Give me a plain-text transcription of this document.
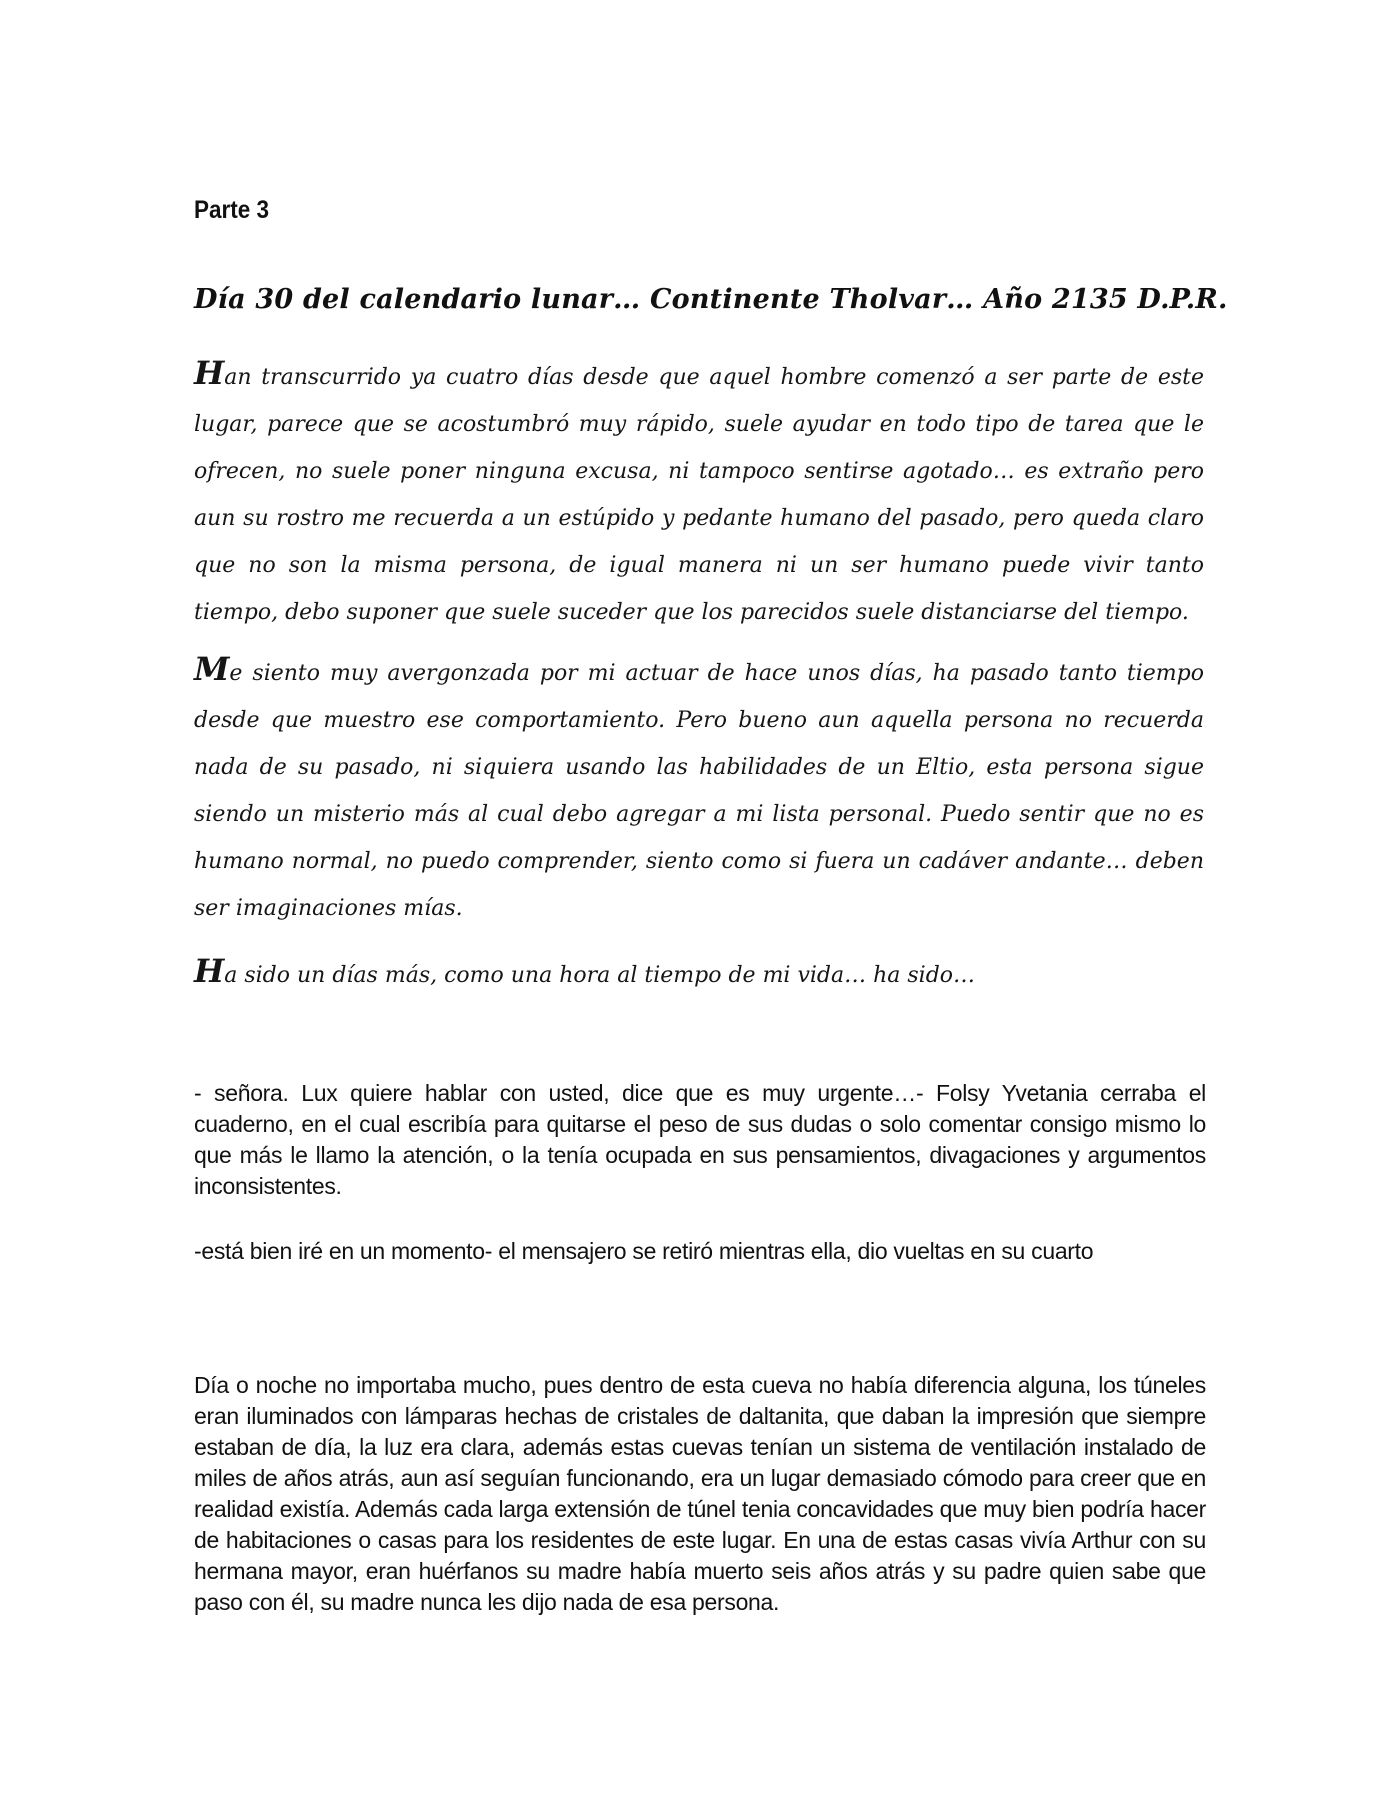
Parte 3
Día 30 del calendario lunar… Continente Tholvar… Año 2135 D.P.R.

Han transcurrido ya cuatro días desde que aquel hombre comenzó a ser parte de este lugar, parece que se acostumbró muy rápido, suele ayudar en todo tipo de tarea que le ofrecen, no suele poner ninguna excusa, ni tampoco sentirse agotado… es extraño pero aun su rostro me recuerda a un estúpido y pedante humano del pasado, pero queda claro que no son la misma persona, de igual manera ni un ser humano puede vivir tanto tiempo, debo suponer que suele suceder que los parecidos suele distanciarse del tiempo.

Me siento muy avergonzada por mi actuar de hace unos días, ha pasado tanto tiempo desde que muestro ese comportamiento. Pero bueno aun aquella persona no recuerda nada de su pasado, ni siquiera usando las habilidades de un Eltio, esta persona sigue siendo un misterio más al cual debo agregar a mi lista personal. Puedo sentir que no es humano normal, no puedo comprender, siento como si fuera un cadáver andante… deben ser imaginaciones mías.

Ha sido un días más, como una hora al tiempo de mi vida… ha sido…

- señora. Lux quiere hablar con usted, dice que es muy urgente…- Folsy Yvetania cerraba el cuaderno, en el cual escribía para quitarse el peso de sus dudas o solo comentar consigo mismo lo que más le llamo la atención, o la tenía ocupada en sus pensamientos, divagaciones y argumentos inconsistentes.

-está bien iré en un momento- el mensajero se retiró mientras ella, dio vueltas en su cuarto

Día o noche no importaba mucho, pues dentro de esta cueva no había diferencia alguna, los túneles eran iluminados con lámparas hechas de cristales de daltanita, que daban la impresión que siempre estaban de día, la luz era clara, además estas cuevas tenían un sistema de ventilación instalado de miles de años atrás, aun así seguían funcionando, era un lugar demasiado cómodo para creer que en realidad existía. Además cada larga extensión de túnel tenia concavidades que muy bien podría hacer de habitaciones o casas para los residentes de este lugar. En una de estas casas vivía Arthur con su hermana mayor, eran huérfanos su madre había muerto seis años atrás y su padre quien sabe que paso con él, su madre nunca les dijo nada de esa persona.
